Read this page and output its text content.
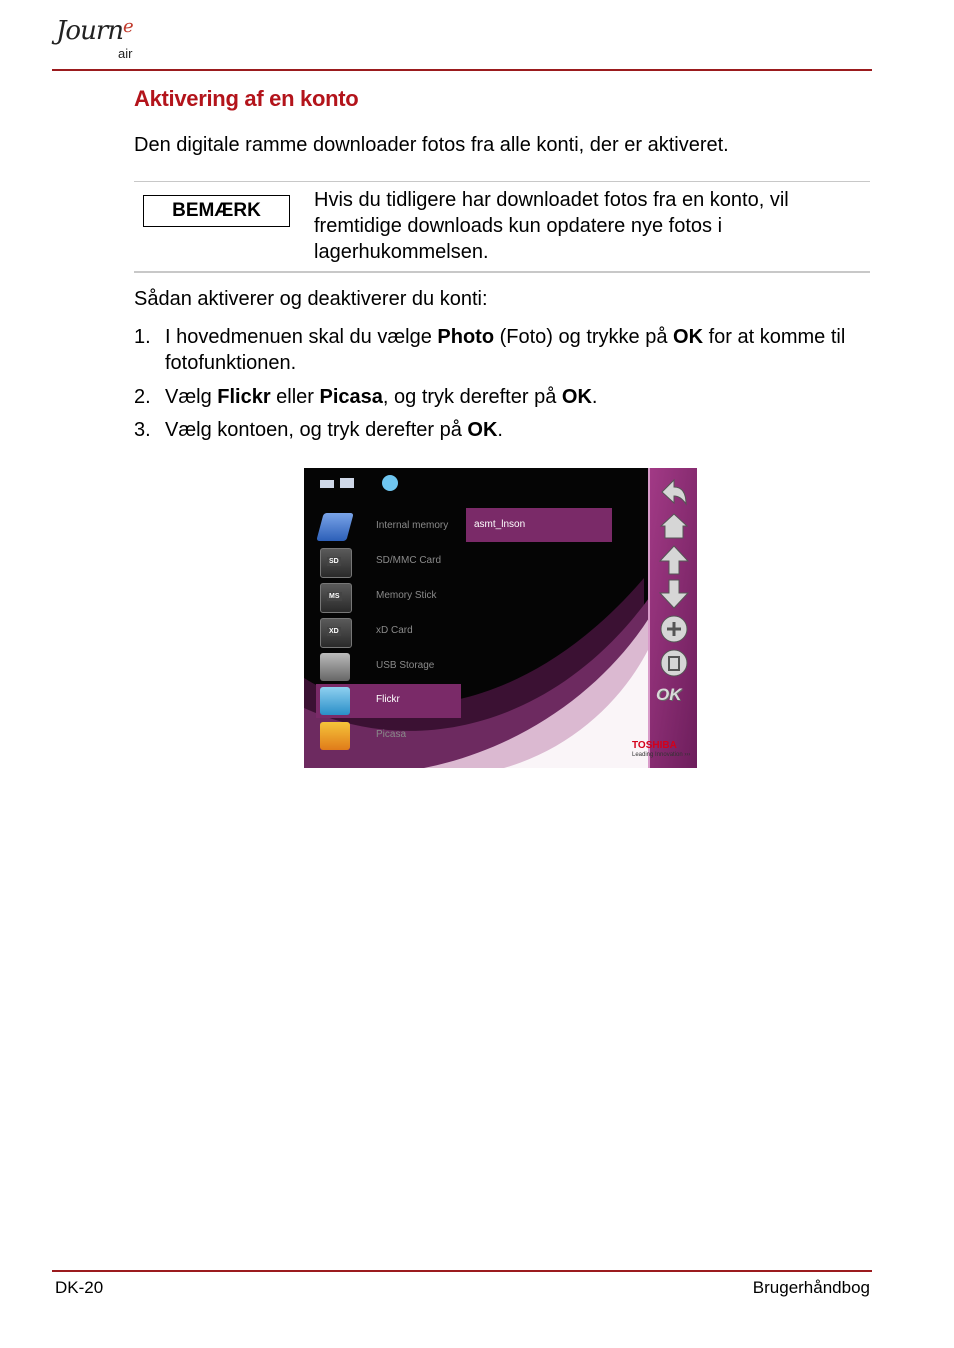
Journ$^e$
air
Aktivering af en konto

Den digitale ramme downloader fotos fra alle konti, der er aktiveret.

BEMÆRK	Hvis du tidligere har downloadet fotos fra en konto, vil fremtidige downloads kun opdatere nye fotos i lagerhukommelsen.

Sådan aktiverer og deaktiverer du konti:

1. I hovedmenuen skal du vælge Photo (Foto) og trykke på OK for at komme til fotofunktionen.
2. Vælg Flickr eller Picasa, og tryk derefter på OK.
3. Vælg kontoen, og tryk derefter på OK.
Internal memory
SD	SD/MMC Card
MS	Memory Stick
XD	xD Card
USB Storage
Flickr
Picasa
asmt_lnson
OK
TOSHIBA
Leading Innovation ›››
DK-20	Brugerhåndbog
